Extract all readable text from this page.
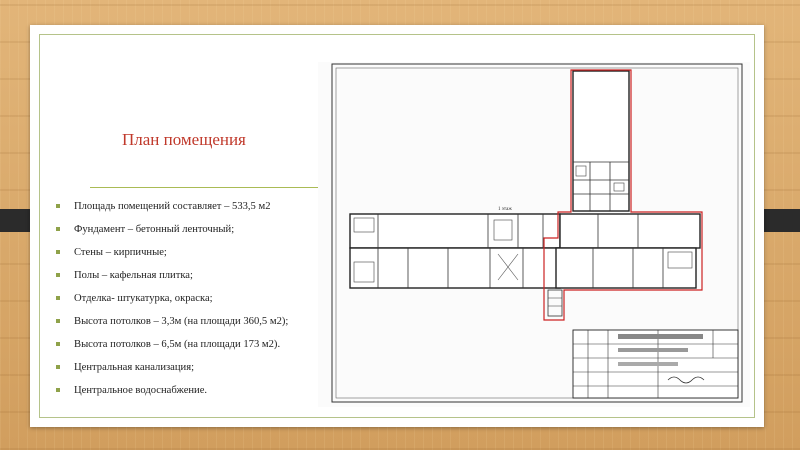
План помещения
Площадь помещений составляет – 533,5 м2
Фундамент – бетонный ленточный;
Стены – кирпичные;
Полы – кафельная плитка;
Отделка- штукатурка, окраска;
Высота потолков – 3,3м (на площади 360,5 м2);
Высота потолков – 6,5м (на площади 173 м2).
Центральная канализация;
Центральное водоснабжение.
1 этаж
